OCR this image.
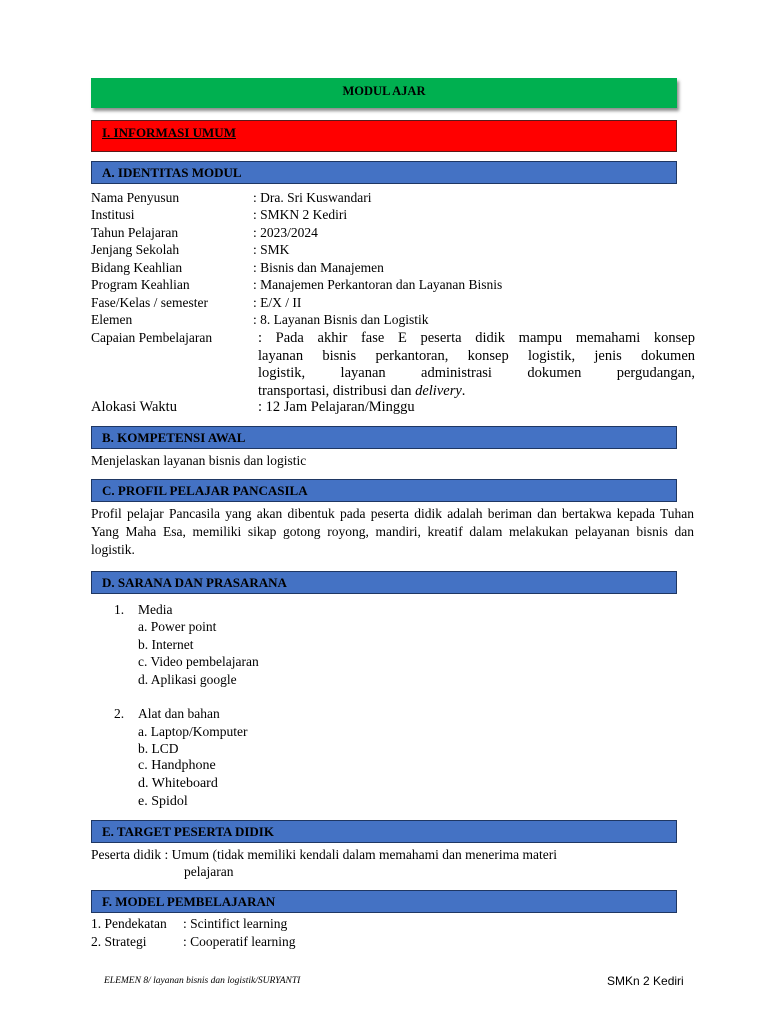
MODUL AJAR
I. INFORMASI UMUM
A. IDENTITAS MODUL
Nama Penyusun	: Dra. Sri Kuswandari
Institusi	: SMKN 2 Kediri
Tahun Pelajaran	: 2023/2024
Jenjang Sekolah	: SMK
Bidang Keahlian	: Bisnis dan Manajemen
Program Keahlian	: Manajemen Perkantoran dan Layanan Bisnis
Fase/Kelas / semester	: E/X / II
Elemen	: 8. Layanan Bisnis dan Logistik
Capaian Pembelajaran	: Pada akhir fase E peserta didik mampu memahami konsep
layanan bisnis perkantoran, konsep logistik, jenis dokumen
logistik, layanan administrasi dokumen pergudangan,
transportasi, distribusi dan delivery.
Alokasi Waktu	: 12 Jam Pelajaran/Minggu
B. KOMPETENSI AWAL
Menjelaskan layanan bisnis dan logistic
C. PROFIL PELAJAR PANCASILA
Profil pelajar Pancasila yang akan dibentuk pada peserta didik adalah beriman dan bertakwa kepada Tuhan Yang Maha Esa, memiliki sikap gotong royong, mandiri, kreatif dalam melakukan pelayanan bisnis dan logistik.
D. SARANA DAN PRASARANA
1. Media
a. Power point
b. Internet
c. Video pembelajaran
d. Aplikasi google
2. Alat dan bahan
a. Laptop/Komputer
b. LCD
c. Handphone
d. Whiteboard
e. Spidol
E. TARGET PESERTA DIDIK
Peserta didik : Umum (tidak memiliki kendali dalam memahami dan menerima materi
pelajaran
F. MODEL PEMBELAJARAN
1. Pendekatan : Scintifict learning
2. Strategi	: Cooperatif learning
ELEMEN 8/ layanan bisnis dan logistik/SURYANTI	SMKn 2 Kediri
